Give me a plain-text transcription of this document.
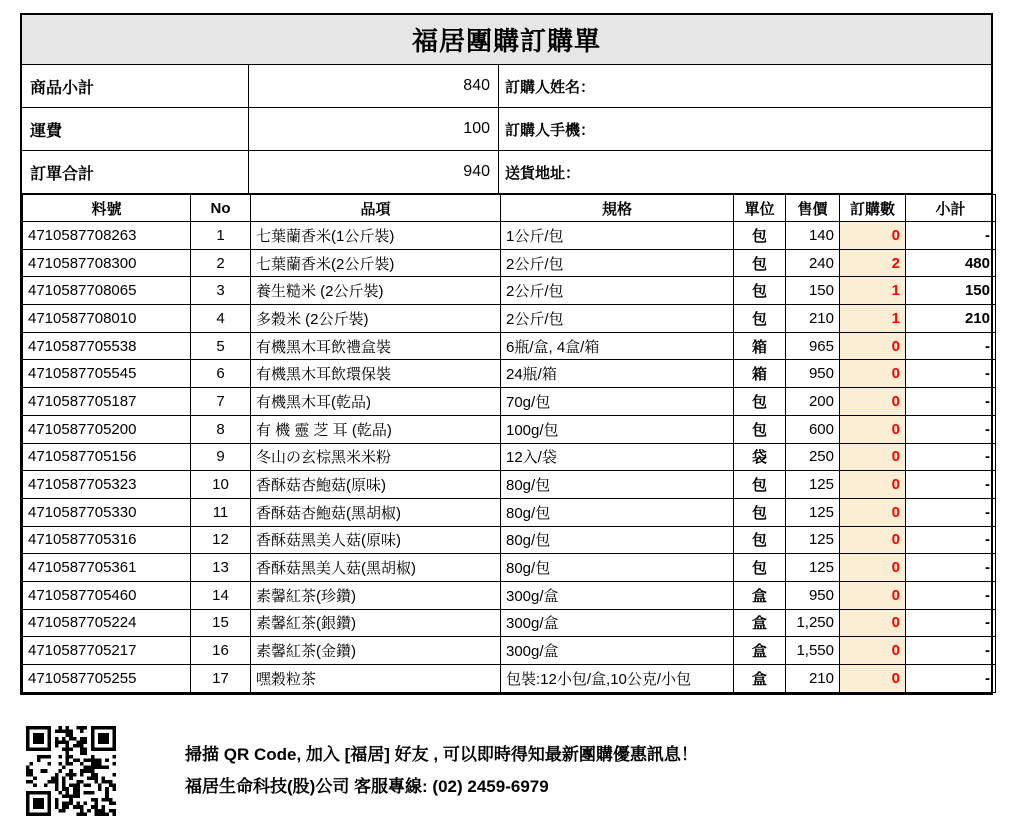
福居團購訂購單
商品小計	840	訂購人姓名：
運費	100	訂購人手機：
訂單合計	940	送貨地址：
料號	No	品項	規格	單位	售價	訂購數	小計
4710587708263	1	七葉蘭香米(1公斤裝)	1公斤/包	包	140	0	-
4710587708300	2	七葉蘭香米(2公斤裝)	2公斤/包	包	240	2	480
4710587708065	3	養生糙米 (2公斤裝)	2公斤/包	包	150	1	150
4710587708010	4	多穀米 (2公斤裝)	2公斤/包	包	210	1	210
4710587705538	5	有機黑木耳飲禮盒裝	6瓶/盒, 4盒/箱	箱	965	0	-
4710587705545	6	有機黑木耳飲環保裝	24瓶/箱	箱	950	0	-
4710587705187	7	有機黑木耳(乾品)	70g/包	包	200	0	-
4710587705200	8	有 機 靈 芝 耳 (乾品)	100g/包	包	600	0	-
4710587705156	9	冬山の玄棕黑米米粉	12入/袋	袋	250	0	-
4710587705323	10	香酥菇杏鮑菇(原味)	80g/包	包	125	0	-
4710587705330	11	香酥菇杏鮑菇(黑胡椒)	80g/包	包	125	0	-
4710587705316	12	香酥菇黑美人菇(原味)	80g/包	包	125	0	-
4710587705361	13	香酥菇黑美人菇(黑胡椒)	80g/包	包	125	0	-
4710587705460	14	素馨紅茶(珍鑽)	300g/盒	盒	950	0	-
4710587705224	15	素馨紅茶(銀鑽)	300g/盒	盒	1,250	0	-
4710587705217	16	素馨紅茶(金鑽)	300g/盒	盒	1,550	0	-
4710587705255	17	嘿穀粒茶	包裝:12小包/盒,10公克/小包	盒	210	0	-
掃描 QR Code, 加入 [福居] 好友 , 可以即時得知最新團購優惠訊息！
福居生命科技(股)公司 客服專線: (02) 2459-6979
